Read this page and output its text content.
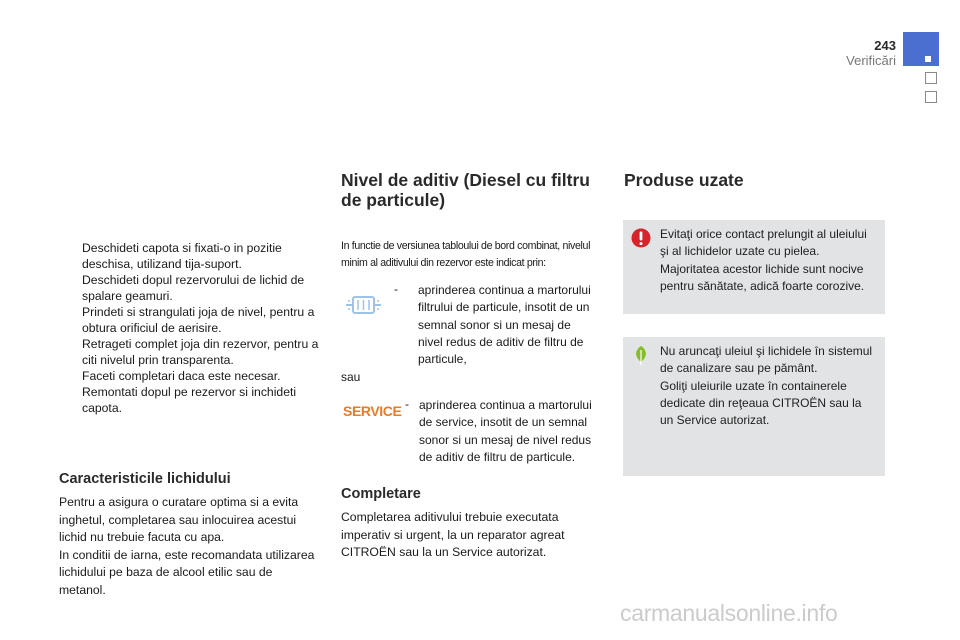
243
Verificări

Deschideti capota si fixati-o in pozitie deschisa, utilizand tija-suport.

Deschideti dopul rezervorului de lichid de spalare geamuri.

Prindeti si strangulati joja de nivel, pentru a obtura orificiul de aerisire.

Retrageti complet joja din rezervor, pentru a citi nivelul prin transparenta.

Faceti completari daca este necesar.

Remontati dopul pe rezervor si inchideti capota.

Caracteristicile lichidului
Pentru a asigura o curatare optima si a evita inghetul, completarea sau inlocuirea acestui lichid nu trebuie facuta cu apa.
In conditii de iarna, este recomandata utilizarea lichidului pe baza de alcool etilic sau de metanol.
Nivel de aditiv (Diesel cu filtru de particule)
In functie de versiunea tabloului de bord combinat, nivelul minim al aditivului din rezervor este indicat prin:
- aprinderea continua a martorului filtrului de particule, insotit de un semnal sonor si un mesaj de nivel redus de aditiv de filtru de particule,
sau
SERVICE - aprinderea continua a martorului de service, insotit de un semnal sonor si un mesaj de nivel redus de aditiv de filtru de particule.
Completare
Completarea aditivului trebuie executata imperativ si urgent, la un reparator agreat CITROËN sau la un Service autorizat.
Produse uzate
Evitaţi orice contact prelungit al uleiului şi al lichidelor uzate cu pielea.
Majoritatea acestor lichide sunt nocive pentru sănătate, adică foarte corozive.
Nu aruncaţi uleiul şi lichidele în sistemul de canalizare sau pe pământ.
Goliţi uleiurile uzate în containerele dedicate din reţeaua CITROËN sau la un Service autorizat.
carmanualsonline.info
